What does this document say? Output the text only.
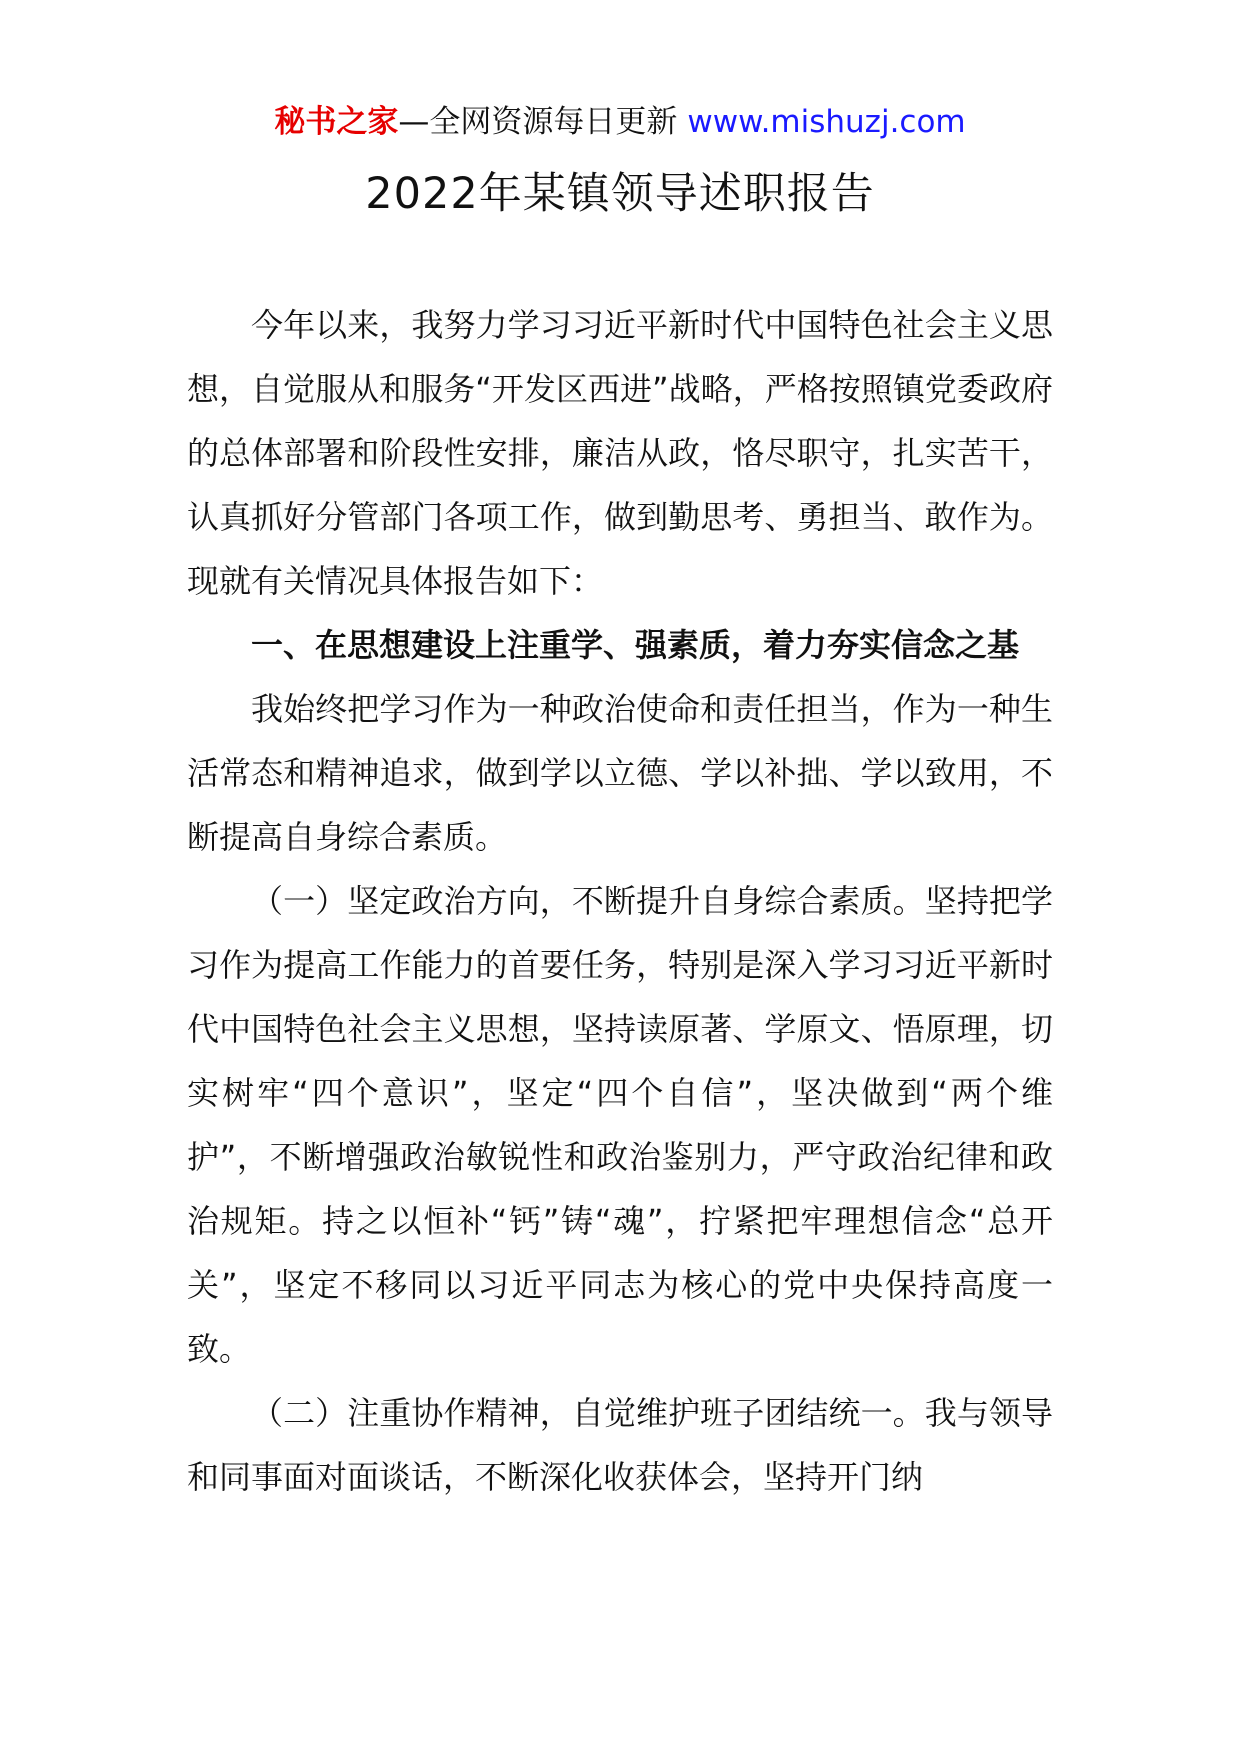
秘书之家—全网资源每日更新 www.mishuzj.com
2022年某镇领导述职报告

今年以来，我努力学习习近平新时代中国特色社会主义思想，自觉服从和服务“开发区西进”战略，严格按照镇党委政府的总体部署和阶段性安排，廉洁从政，恪尽职守，扎实苦干，认真抓好分管部门各项工作，做到勤思考、勇担当、敢作为。现就有关情况具体报告如下：

一、在思想建设上注重学、强素质，着力夯实信念之基

我始终把学习作为一种政治使命和责任担当，作为一种生活常态和精神追求，做到学以立德、学以补拙、学以致用，不断提高自身综合素质。

（一）坚定政治方向，不断提升自身综合素质。坚持把学习作为提高工作能力的首要任务，特别是深入学习习近平新时代中国特色社会主义思想，坚持读原著、学原文、悟原理，切实树牢“四个意识”，坚定“四个自信”，坚决做到“两个维护”，不断增强政治敏锐性和政治鉴别力，严守政治纪律和政治规矩。持之以恒补“钙”铸“魂”，拧紧把牢理想信念“总开关”，坚定不移同以习近平同志为核心的党中央保持高度一致。

（二）注重协作精神，自觉维护班子团结统一。我与领导和同事面对面谈话，不断深化收获体会，坚持开门纳
